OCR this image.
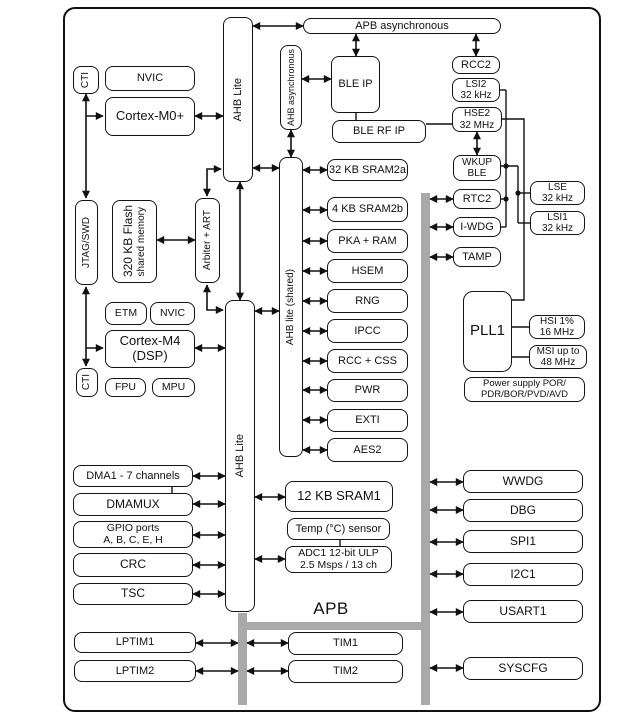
CTI	NVIC
Cortex-M0+
JTAG/SWD 320 KB Flash shared memory	Arbiter + ART
ETM NVIC
Cortex-M4
(DSP)
CTI FPU MPU
AHB Lite	AHB asynchronous
APB asynchronous
AHB lite (shared)
AHB Lite
BLE IP
BLE RF IP
RCC2
LSI2
32 kHz
HSE2
32 MHz
WKUP
BLE
RTC2
I-WDG
TAMP
LSE
32 kHz
LSI1
32 kHz
PLL1
HSI 1%
16 MHz
MSI up to
48 MHz
Power supply POR/
PDR/BOR/PVD/AVD
32 KB SRAM2a
4 KB SRAM2b
PKA + RAM
HSEM
RNG
IPCC
RCC + CSS
PWR
EXTI
AES2
12 KB SRAM1
Temp (°C) sensor
ADC1 12-bit ULP
2.5 Msps / 13 ch
APB
TIM1
TIM2
DMA1 - 7 channels
DMAMUX
GPIO ports
A, B, C, E, H
CRC
TSC
LPTIM1
LPTIM2
WWDG
DBG
SPI1
I2C1
USART1
SYSCFG
